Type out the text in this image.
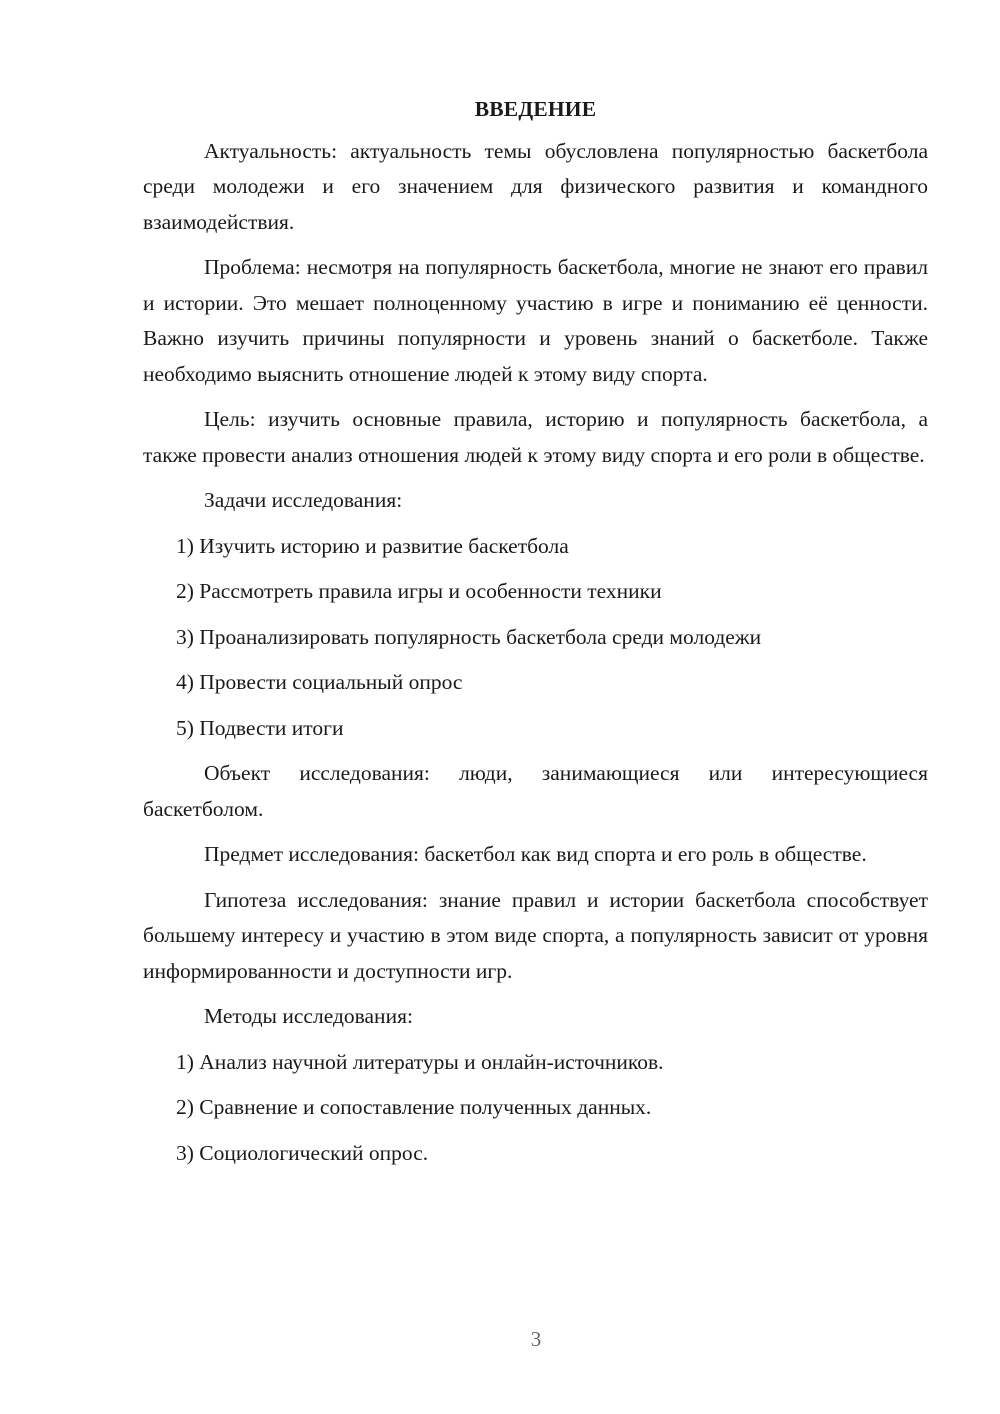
ВВЕДЕНИЕ

Актуальность: актуальность темы обусловлена популярностью баскетбола среди молодежи и его значением для физического развития и командного взаимодействия.

Проблема: несмотря на популярность баскетбола, многие не знают его правил и истории. Это мешает полноценному участию в игре и пониманию её ценности. Важно изучить причины популярности и уровень знаний о баскетболе. Также необходимо выяснить отношение людей к этому виду спорта.

Цель: изучить основные правила, историю и популярность баскетбола, а также провести анализ отношения людей к этому виду спорта и его роли в обществе.

Задачи исследования:

1) Изучить историю и развитие баскетбола
2) Рассмотреть правила игры и особенности техники
3) Проанализировать популярность баскетбола среди молодежи
4) Провести социальный опрос
5) Подвести итоги

Объект исследования: люди, занимающиеся или интересующиеся баскетболом.

Предмет исследования: баскетбол как вид спорта и его роль в обществе.

Гипотеза исследования: знание правил и истории баскетбола способствует большему интересу и участию в этом виде спорта, а популярность зависит от уровня информированности и доступности игр.

Методы исследования:

1) Анализ научной литературы и онлайн-источников.
2) Сравнение и сопоставление полученных данных.
3) Социологический опрос.
3
